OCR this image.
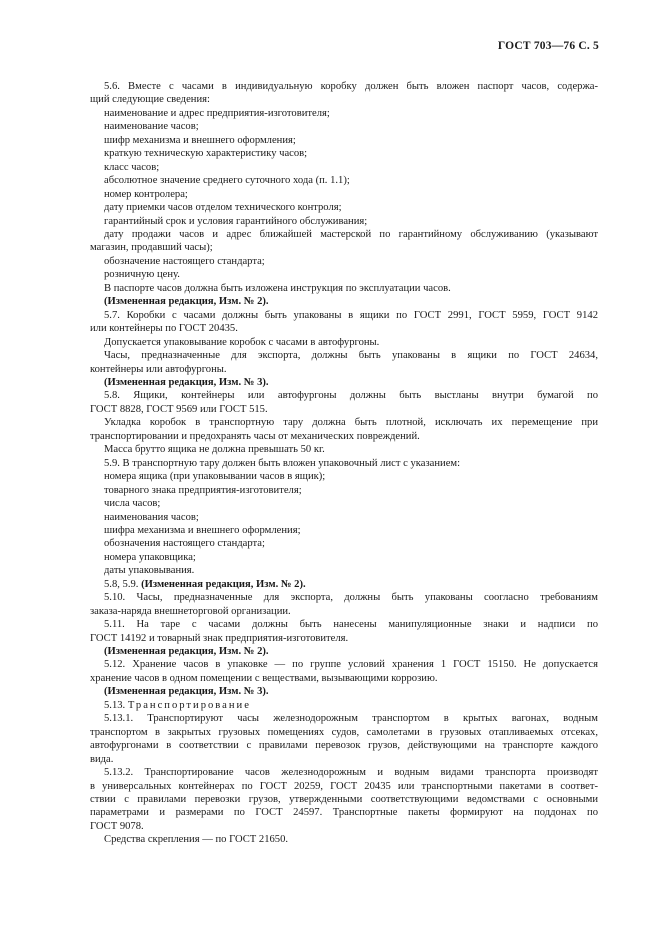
ГОСТ 703—76 С. 5

5.6. Вместе с часами в индивидуальную коробку должен быть вложен паспорт часов, содержа-

щий следующие сведения:

наименование и адрес предприятия-изготовителя;

наименование часов;

шифр механизма и внешнего оформления;

краткую техническую характеристику часов;

класс часов;

абсолютное значение среднего суточного хода (п. 1.1);

номер контролера;

дату приемки часов отделом технического контроля;

гарантийный срок и условия гарантийного обслуживания;

дату продажи часов и адрес ближайшей мастерской по гарантийному обслуживанию (указывают

магазин, продавший часы);

обозначение настоящего стандарта;

розничную цену.

В паспорте часов должна быть изложена инструкция по эксплуатации часов.

(Измененная редакция, Изм. № 2).

5.7. Коробки с часами должны быть упакованы в ящики по ГОСТ 2991, ГОСТ 5959, ГОСТ 9142

или контейнеры по ГОСТ 20435.

Допускается упаковывание коробок с часами в автофургоны.

Часы, предназначенные для экспорта, должны быть упакованы в ящики по ГОСТ 24634,

контейнеры или автофургоны.

(Измененная редакция, Изм. № 3).

5.8. Ящики, контейнеры или автофургоны должны быть выстланы внутри бумагой по

ГОСТ 8828, ГОСТ 9569 или ГОСТ 515.

Укладка коробок в транспортную тару должна быть плотной, исключать их перемещение при

транспортировании и предохранять часы от механических повреждений.

Масса брутто ящика не должна превышать 50 кг.

5.9. В транспортную тару должен быть вложен упаковочный лист с указанием:

номера ящика (при упаковывании часов в ящик);

товарного знака предприятия-изготовителя;

числа часов;

наименования часов;

шифра механизма и внешнего оформления;

обозначения настоящего стандарта;

номера упаковщика;

даты упаковывания.

5.8, 5.9. (Измененная редакция, Изм. № 2).

5.10. Часы, предназначенные для экспорта, должны быть упакованы соогласно требованиям

заказа-наряда внешнеторговой организации.

5.11. На таре с часами должны быть нанесены манипуляционные знаки и надписи по

ГОСТ 14192 и товарный знак предприятия-изготовителя.

(Измененная редакция, Изм. № 2).

5.12. Хранение часов в упаковке — по группе условий хранения 1 ГОСТ 15150. Не допускается

хранение часов в одном помещении с веществами, вызывающими коррозию.

(Измененная редакция, Изм. № 3).

5.13. Транспортирование

5.13.1. Транспортируют часы железнодорожным транспортом в крытых вагонах, водным

транспортом в закрытых грузовых помещениях судов, самолетами в грузовых отапливаемых отсеках,

автофургонами в соответствии с правилами перевозок грузов, действующими на транспорте каждого

вида.

5.13.2. Транспортирование часов железнодорожным и водным видами транспорта производят

в универсальных контейнерах по ГОСТ 20259, ГОСТ 20435 или транспортными пакетами в соответ-

ствии с правилами перевозки грузов, утвержденными соответствующими ведомствами с основными

параметрами и размерами по ГОСТ 24597. Транспортные пакеты формируют на поддонах по

ГОСТ 9078.

Средства скрепления — по ГОСТ 21650.
